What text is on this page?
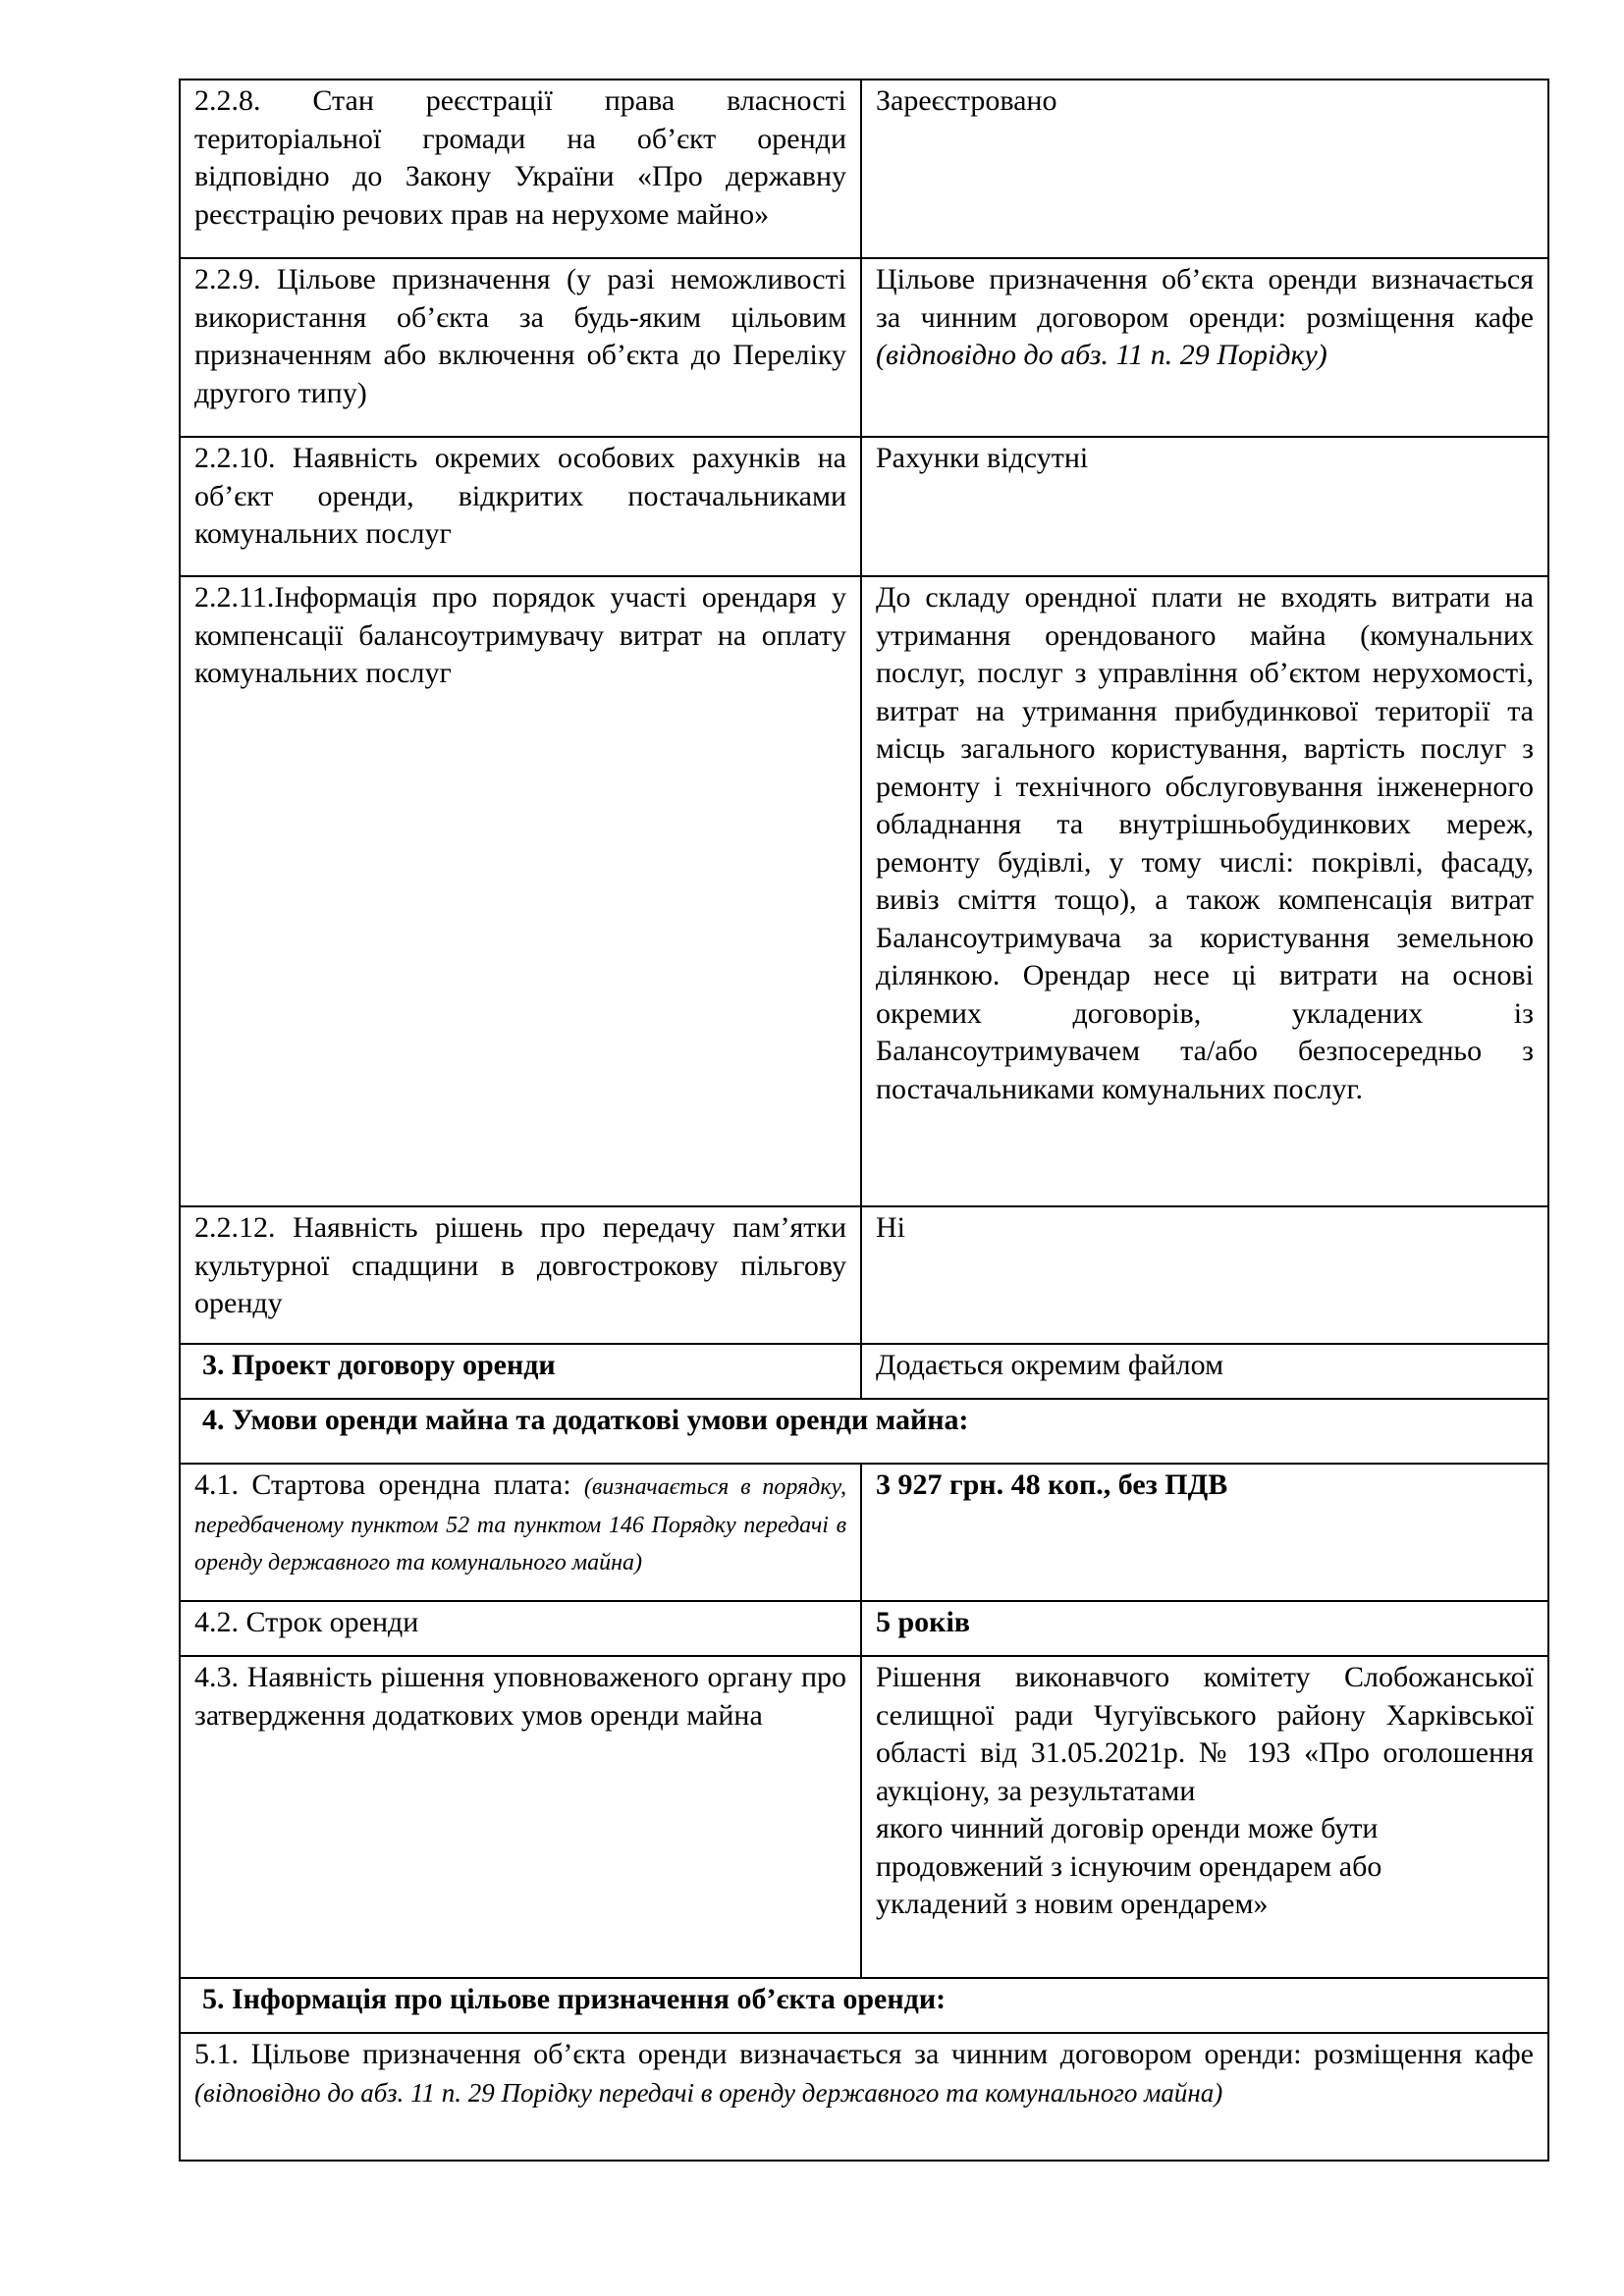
2.2.8. Стан реєстрації права власності територіальної громади на об’єкт оренди відповідно до Закону України «Про державну реєстрацію речових прав на нерухоме майно»	Зареєстровано
2.2.9. Цільове призначення (у разі неможливості використання об’єкта за будь-яким цільовим призначенням або включення об’єкта до Переліку другого типу)	Цільове призначення об’єкта оренди визначається за чинним договором оренди: розміщення кафе (відповідно до абз. 11 п. 29 Порідку)
2.2.10. Наявність окремих особових рахунків на об’єкт оренди, відкритих постачальниками комунальних послуг	Рахунки відсутні
2.2.11.Інформація про порядок участі орендаря у компенсації балансоутримувачу витрат на оплату комунальних послуг	До складу орендної плати не входять витрати на утримання орендованого майна (комунальних послуг, послуг з управління об’єктом нерухомості, витрат на утримання прибудинкової території та місць загального користування, вартість послуг з ремонту і технічного обслуговування інженерного обладнання та внутрішньобудинкових мереж, ремонту будівлі, у тому числі: покрівлі, фасаду, вивіз сміття тощо), а також компенсація витрат Балансоутримувача за користування земельною ділянкою. Орендар несе ці витрати на основі окремих договорів, укладених із Балансоутримувачем та/або безпосередньо з постачальниками комунальних послуг.
2.2.12. Наявність рішень про передачу пам’ятки культурної спадщини в довгострокову пільгову оренду	Ні
3. Проект договору оренди	Додається окремим файлом
4. Умови оренди майна та додаткові умови оренди майна:	
4.1. Стартова орендна плата: (визначається в порядку, передбаченому пунктом 52 та пунктом 146 Порядку передачі в оренду державного та комунального майна)	3 927 грн. 48 коп., без ПДВ
4.2. Строк оренди	5 років
4.3. Наявність рішення уповноваженого органу про затвердження додаткових умов оренди майна	Рішення виконавчого комітету Слобожанської селищної ради Чугуївського району Харківської області від 31.05.2021р. № 193 «Про оголошення аукціону, за результатами
якого чинний договір оренди може бути
продовжений з існуючим орендарем або
укладений з новим орендарем»

5. Інформація про цільове призначення об’єкта оренди:	
5.1. Цільове призначення об’єкта оренди визначається за чинним договором оренди: розміщення кафе (відповідно до абз. 11 п. 29 Порідку передачі в оренду державного та комунального майна)	
